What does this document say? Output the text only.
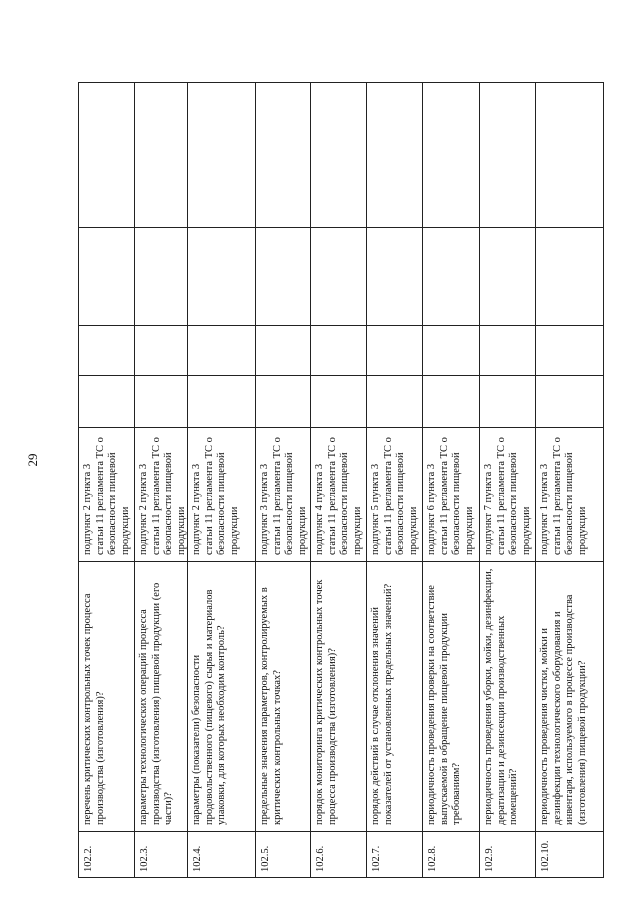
29
102.2.
перечень критических контрольных точек процесса производства (изготовления)?
подпункт 2 пункта 3 статьи 11 регламента ТС о безопасности пищевой продукции
102.3.
параметры технологических операций процесса производства (изготовления) пищевой продукции (его части)?
подпункт 2 пункта 3 статьи 11 регламента ТС о безопасности пищевой продукции
102.4.
параметры (показатели) безопасности продовольственного (пищевого) сырья и материалов упаковки, для которых необходим контроль?
подпункт 2 пункта 3 статьи 11 регламента ТС о безопасности пищевой продукции
102.5.
предельные значения параметров, контролируемых в критических контрольных точках?
подпункт 3 пункта 3 статьи 11 регламента ТС о безопасности пищевой продукции
102.6.
порядок мониторинга критических контрольных точек процесса производства (изготовления)?
подпункт 4 пункта 3 статьи 11 регламента ТС о безопасности пищевой продукции
102.7.
порядок действий в случае отклонения значений показателей от установленных предельных значений?
подпункт 5 пункта 3 статьи 11 регламента ТС о безопасности пищевой продукции
102.8.
периодичность проведения проверки на соответствие выпускаемой в обращение пищевой продукции требованиям?
подпункт 6 пункта 3 статьи 11 регламента ТС о безопасности пищевой продукции
102.9.
периодичность проведения уборки, мойки, дезинфекции, дератизации и дезинсекции производственных помещений?
подпункт 7 пункта 3 статьи 11 регламента ТС о безопасности пищевой продукции
102.10.
периодичность проведения чистки, мойки и дезинфекции технологического оборудования и инвентаря, используемого в процессе производства (изготовления) пищевой продукции?
подпункт 1 пункта 3 статьи 11 регламента ТС о безопасности пищевой продукции
